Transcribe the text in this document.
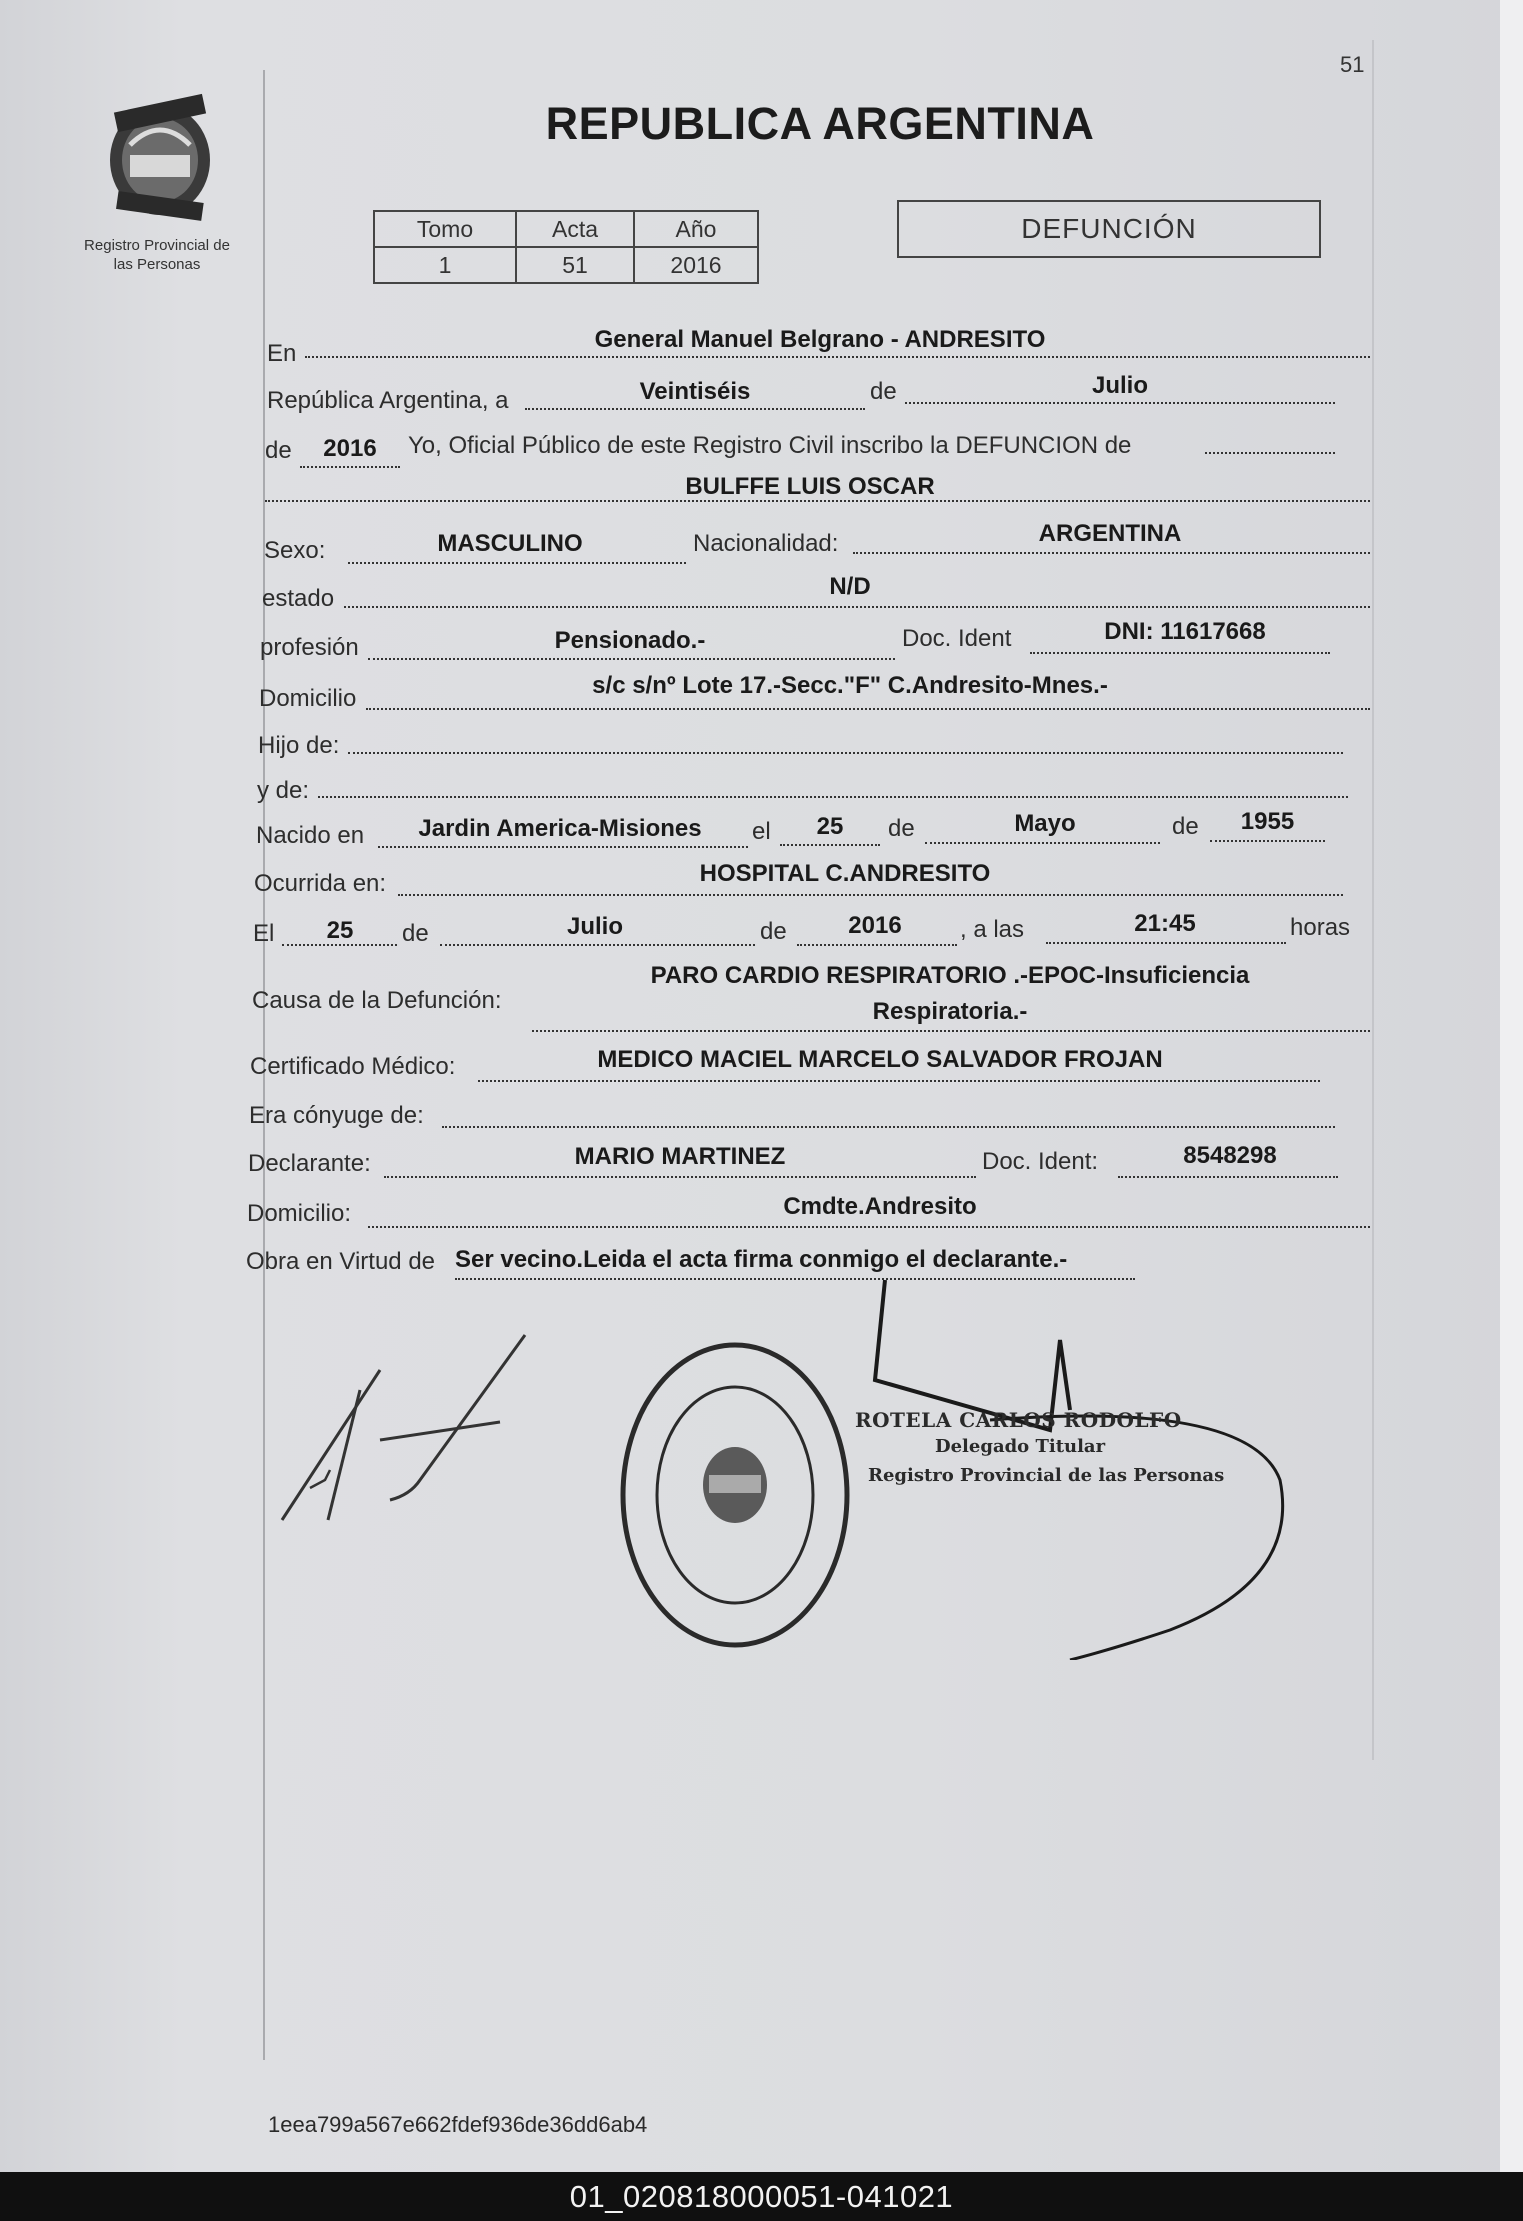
51
Registro Provincial de
las Personas
REPUBLICA ARGENTINA
Tomo	Acta	Año
1	51	2016
DEFUNCIÓN
En
General Manuel Belgrano - ANDRESITO
República Argentina, a	Veintiséis	de	Julio
de	2016	Yo, Oficial Público de este Registro Civil inscribo la DEFUNCION de
BULFFE LUIS OSCAR
Sexo:	MASCULINO	Nacionalidad:	ARGENTINA
estado	N/D
profesión	Pensionado.-	Doc. Ident	DNI: 11617668
Domicilio	s/c s/nº Lote 17.-Secc."F" C.Andresito-Mnes.-
Hijo de:
y de:
Nacido en	Jardin America-Misiones	el	25	de	Mayo	de	1955
Ocurrida en:	HOSPITAL C.ANDRESITO
El	25	de	Julio	de	2016	, a las	21:45	horas
Causa de la Defunción:
PARO CARDIO RESPIRATORIO .-EPOC-Insuficiencia
Respiratoria.-
Certificado Médico:	MEDICO MACIEL MARCELO SALVADOR FROJAN
Era cónyuge de:
Declarante:	MARIO MARTINEZ	Doc. Ident:	8548298
Domicilio:	Cmdte.Andresito
Obra en Virtud de Ser vecino.Leida el acta firma conmigo el declarante.-
ROTELA CARLOS RODOLFO
Delegado Titular
Registro Provincial de las Personas
1eea799a567e662fdef936de36dd6ab4
01_020818000051-041021
